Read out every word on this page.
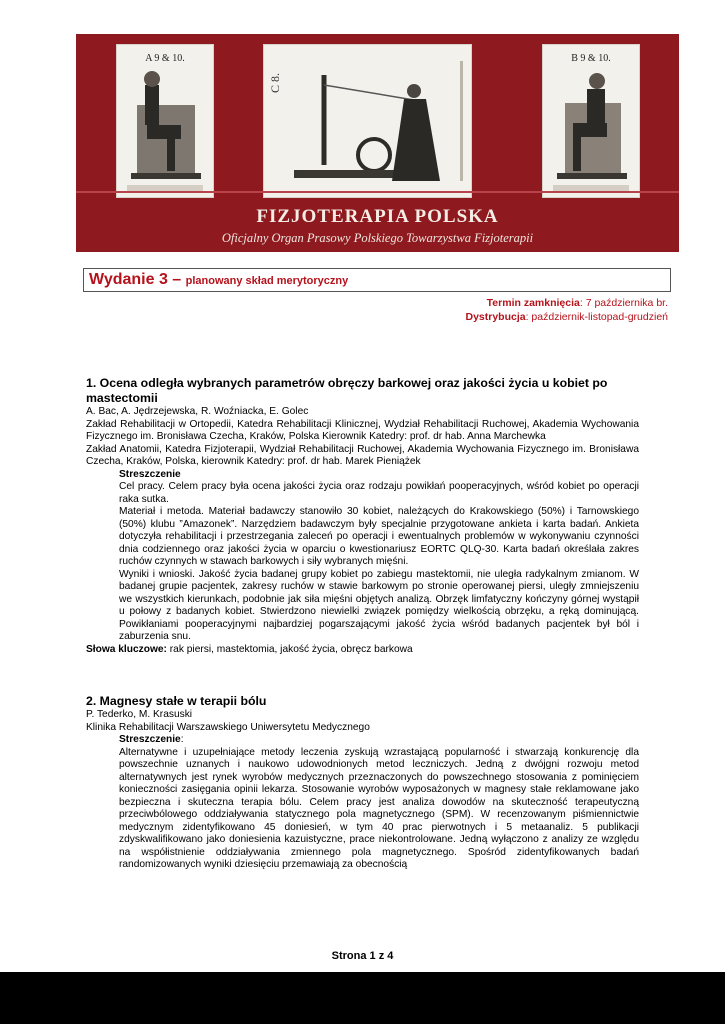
A 9 & 10.
C 8.
B 9 & 10.
FIZJOTERAPIA POLSKA
Oficjalny Organ Prasowy Polskiego Towarzystwa Fizjoterapii
Wydanie 3 – planowany skład merytoryczny
Termin zamknięcia: 7 października br.
Dystrybucja: październik-listopad-grudzień

1. Ocena odległa wybranych parametrów obręczy barkowej oraz jakości życia u kobiet po mastectomii

A. Bac, A. Jędrzejewska, R. Woźniacka, E. Golec

Zakład Rehabilitacji w Ortopedii, Katedra Rehabilitacji Klinicznej, Wydział Rehabilitacji Ruchowej, Akademia Wychowania Fizycznego im. Bronisława Czecha, Kraków, Polska Kierownik Katedry: prof. dr hab. Anna Marchewka

Zakład Anatomii, Katedra Fizjoterapii, Wydział Rehabilitacji Ruchowej, Akademia Wychowania Fizycznego im. Bronisława Czecha, Kraków, Polska, kierownik Katedry: prof. dr hab. Marek Pieniążek

Streszczenie

Cel pracy. Celem pracy była ocena jakości życia oraz rodzaju powikłań pooperacyjnych, wśród kobiet po operacji raka sutka.

Materiał i metoda. Materiał badawczy stanowiło 30 kobiet, należących do Krakowskiego (50%) i Tarnowskiego (50%) klubu ”Amazonek”. Narzędziem badawczym były specjalnie przygotowane ankieta i karta badań. Ankieta dotyczyła rehabilitacji i przestrzegania zaleceń po operacji i ewentualnych problemów w wykonywaniu czynności dnia codziennego oraz jakości życia w oparciu o kwestionariusz EORTC QLQ-30. Karta badań określała zakres ruchów czynnych w stawach barkowych i siły wybranych mięśni.

Wyniki i wnioski. Jakość życia badanej grupy kobiet po zabiegu mastektomii, nie uległa radykalnym zmianom. W badanej grupie pacjentek, zakresy ruchów w stawie barkowym po stronie operowanej piersi, uległy zmniejszeniu we wszystkich kierunkach, podobnie jak siła mięśni objętych analizą. Obrzęk limfatyczny kończyny górnej wystąpił u połowy z badanych kobiet. Stwierdzono niewielki związek pomiędzy wielkością obrzęku, a ręką dominującą. Powikłaniami pooperacyjnymi najbardziej pogarszającymi jakość życia wśród badanych pacjentek był ból i zaburzenia snu.

Słowa kluczowe: rak piersi, mastektomia, jakość życia, obręcz barkowa

2. Magnesy stałe w terapii bólu

P. Tederko, M. Krasuski

Klinika Rehabilitacji Warszawskiego Uniwersytetu Medycznego

Streszczenie:

Alternatywne i uzupełniające metody leczenia zyskują wzrastającą popularność i stwarzają konkurencję dla powszechnie uznanych i naukowo udowodnionych metod leczniczych. Jedną z dwójgni rozwoju metod alternatywnych jest rynek wyrobów medycznych przeznaczonych do powszechnego stosowania z pominięciem konieczności zasięgania opinii lekarza. Stosowanie wyrobów wyposażonych w magnesy stałe reklamowane jako bezpieczna i skuteczna terapia bólu. Celem pracy jest analiza dowodów na skuteczność terapeutyczną przeciwbólowego oddziaływania statycznego pola magnetycznego (SPM). W recenzowanym piśmiennictwie medycznym zidentyfikowano 45 doniesień, w tym 40 prac pierwotnych i 5 metaanaliz. 5 publikacji zdyskwalifikowano jako doniesienia kazuistyczne, prace niekontrolowane. Jedną wyłączono z analizy ze względu na współistnienie oddziaływania zmiennego pola magnetycznego. Spośród zidentyfikowanych badań randomizowanych wyniki dziesięciu przemawiają za obecnością

Strona 1 z 4
